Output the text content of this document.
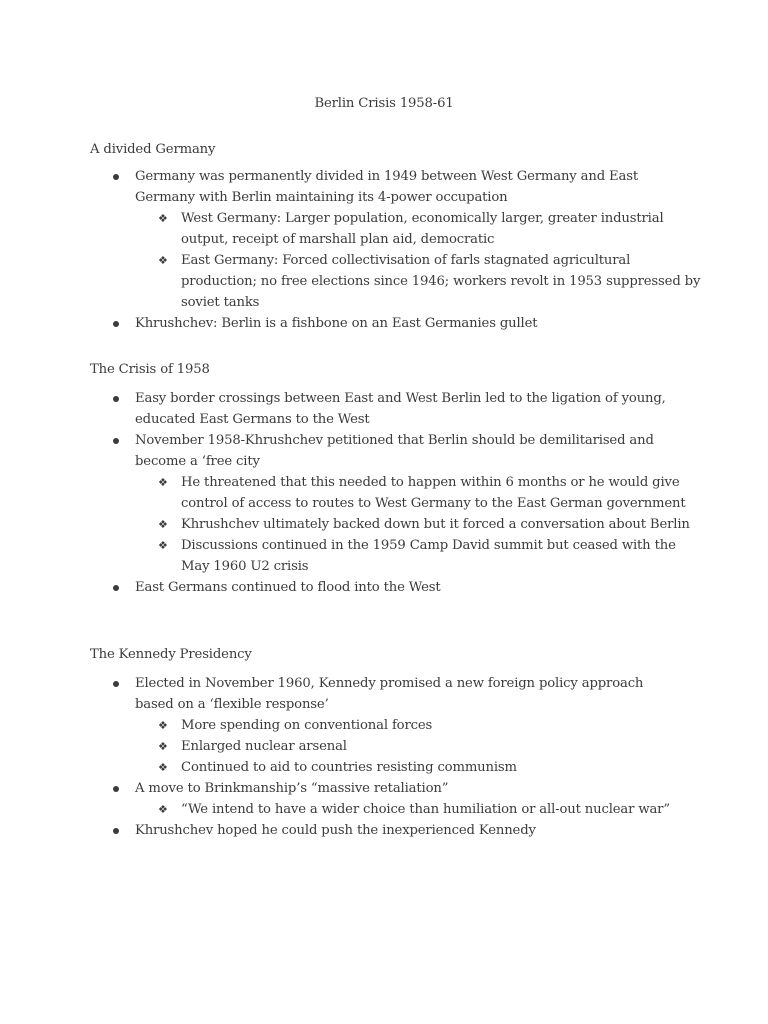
Berlin Crisis 1958-61
A divided Germany
Germany was permanently divided in 1949 between West Germany and East Germany with Berlin maintaining its 4-power occupation
❖ West Germany: Larger population, economically larger, greater industrial output, receipt of marshall plan aid, democratic
❖ East Germany: Forced collectivisation of farls stagnated agricultural production; no free elections since 1946; workers revolt in 1953 suppressed by soviet tanks
Khrushchev: Berlin is a fishbone on an East Germanies gullet
The Crisis of 1958
Easy border crossings between East and West Berlin led to the ligation of young, educated East Germans to the West
November 1958-Khrushchev petitioned that Berlin should be demilitarised and become a ‘free city
❖ He threatened that this needed to happen within 6 months or he would give control of access to routes to West Germany to the East German government
❖ Khrushchev ultimately backed down but it forced a conversation about Berlin
❖ Discussions continued in the 1959 Camp David summit but ceased with the May 1960 U2 crisis
East Germans continued to flood into the West
The Kennedy Presidency
Elected in November 1960, Kennedy promised a new foreign policy approach based on a ‘flexible response’
❖ More spending on conventional forces
❖ Enlarged nuclear arsenal
❖ Continued to aid to countries resisting communism
A move to Brinkmanship’s “massive retaliation”
❖ “We intend to have a wider choice than humiliation or all-out nuclear war”
Khrushchev hoped he could push the inexperienced Kennedy
